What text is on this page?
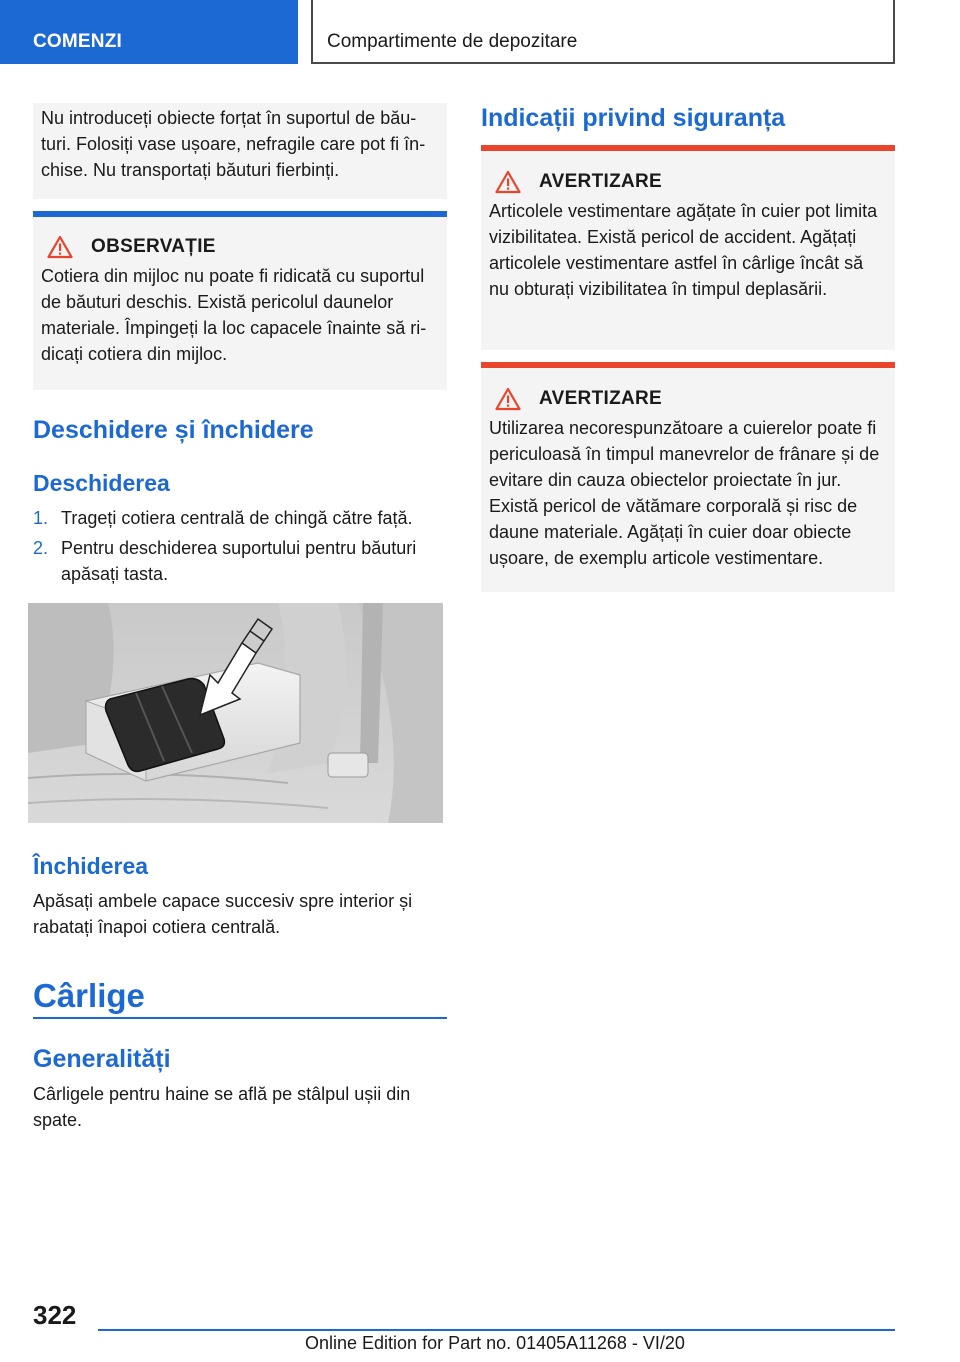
COMENZI	Compartimente de depozitare

Nu introduceți obiecte forțat în suportul de băuturi. Folosiți vase ușoare, nefragile care pot fi închise. Nu transportați băuturi fierbinți.

OBSERVAȚIE

Cotiera din mijloc nu poate fi ridicată cu suportul de băuturi deschis. Există pericolul daunelor materiale. Împingeți la loc capacele înainte să ridicați cotiera din mijloc.

Deschidere și închidere
Deschiderea
1. Trageți cotiera centrală de chingă către față.
2. Pentru deschiderea suportului pentru băuturi apăsați tasta.
Închiderea
Apăsați ambele capace succesiv spre interior și rabatați înapoi cotiera centrală.
Cârlige
Generalități
Cârligele pentru haine se află pe stâlpul ușii din spate.
Indicații privind siguranța
AVERTIZARE

Articolele vestimentare agățate în cuier pot limita vizibilitatea. Există pericol de accident. Agățați articolele vestimentare astfel în cârlige încât să nu obturați vizibilitatea în timpul deplasării.

AVERTIZARE

Utilizarea necorespunzătoare a cuierelor poate fi periculoasă în timpul manevrelor de frânare și de evitare din cauza obiectelor proiectate în jur. Există pericol de vătămare corporală și risc de daune materiale. Agățați în cuier doar obiecte ușoare, de exemplu articole vestimentare.

322
Online Edition for Part no. 01405A11268 - VI/20
